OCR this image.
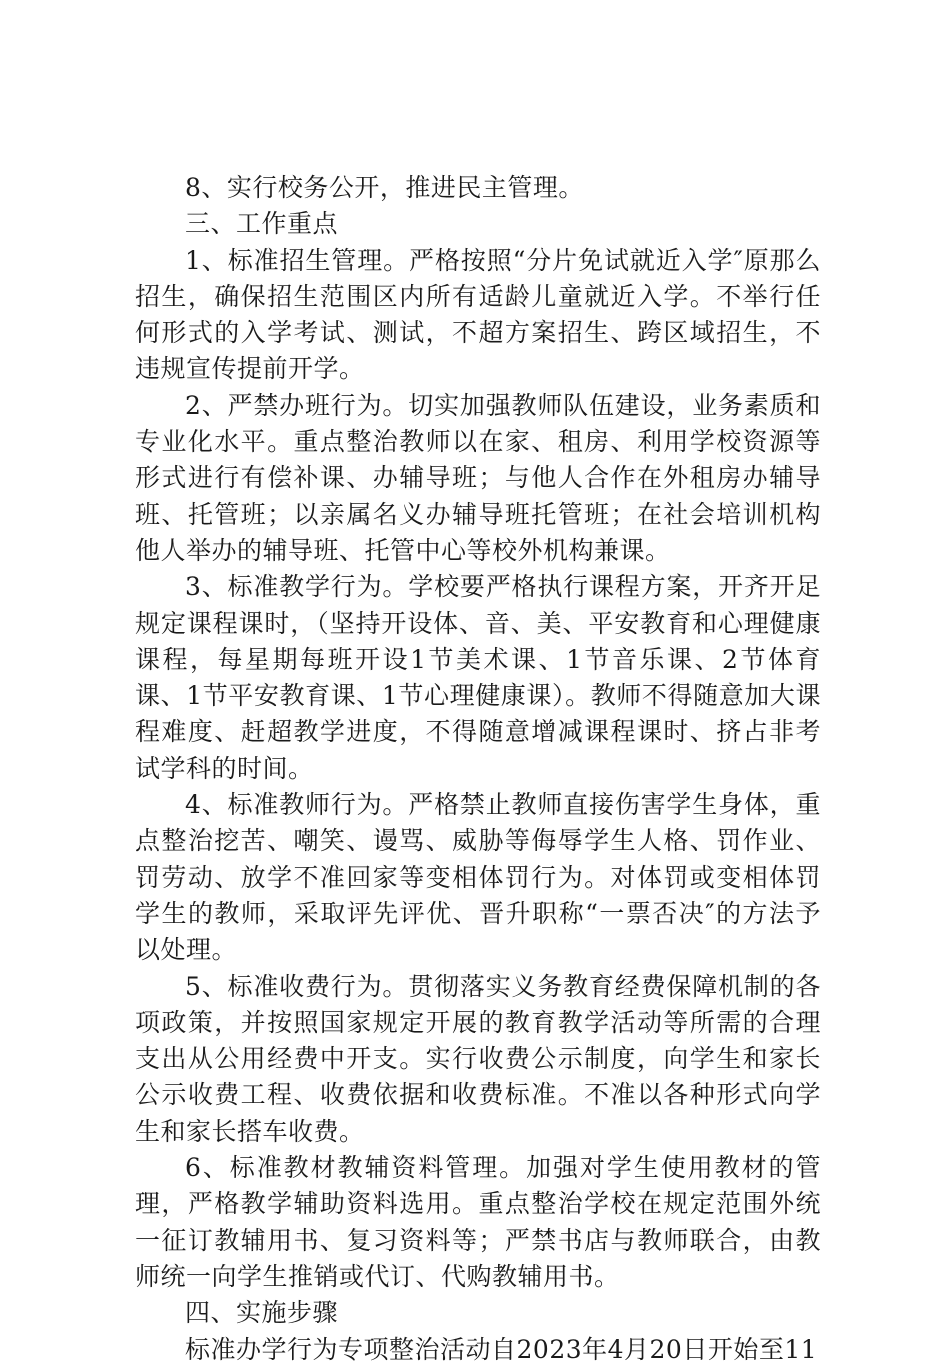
8、实行校务公开，推进民主管理。

三、工作重点

1、标准招生管理。严格按照“分片免试就近入学″原那么招生，确保招生范围区内所有适龄儿童就近入学。不举行任何形式的入学考试、测试，不超方案招生、跨区域招生，不违规宣传提前开学。

2、严禁办班行为。切实加强教师队伍建设，业务素质和专业化水平。重点整治教师以在家、租房、利用学校资源等形式进行有偿补课、办辅导班；与他人合作在外租房办辅导班、托管班；以亲属名义办辅导班托管班；在社会培训机构他人举办的辅导班、托管中心等校外机构兼课。

3、标准教学行为。学校要严格执行课程方案，开齐开足规定课程课时，（坚持开设体、音、美、平安教育和心理健康课程，每星期每班开设1节美术课、1节音乐课、2节体育课、1节平安教育课、1节心理健康课）。教师不得随意加大课程难度、赶超教学进度，不得随意增减课程课时、挤占非考试学科的时间。

4、标准教师行为。严格禁止教师直接伤害学生身体，重点整治挖苦、嘲笑、谩骂、威胁等侮辱学生人格、罚作业、罚劳动、放学不准回家等变相体罚行为。对体罚或变相体罚学生的教师，采取评先评优、晋升职称“一票否决″的方法予以处理。

5、标准收费行为。贯彻落实义务教育经费保障机制的各项政策，并按照国家规定开展的教育教学活动等所需的合理支出从公用经费中开支。实行收费公示制度，向学生和家长公示收费工程、收费依据和收费标准。不准以各种形式向学生和家长搭车收费。

6、标准教材教辅资料管理。加强对学生使用教材的管理，严格教学辅助资料选用。重点整治学校在规定范围外统一征订教辅用书、复习资料等；严禁书店与教师联合，由教师统一向学生推销或代订、代购教辅用书。

四、实施步骤

标准办学行为专项整治活动自2023年4月20日开始至11
